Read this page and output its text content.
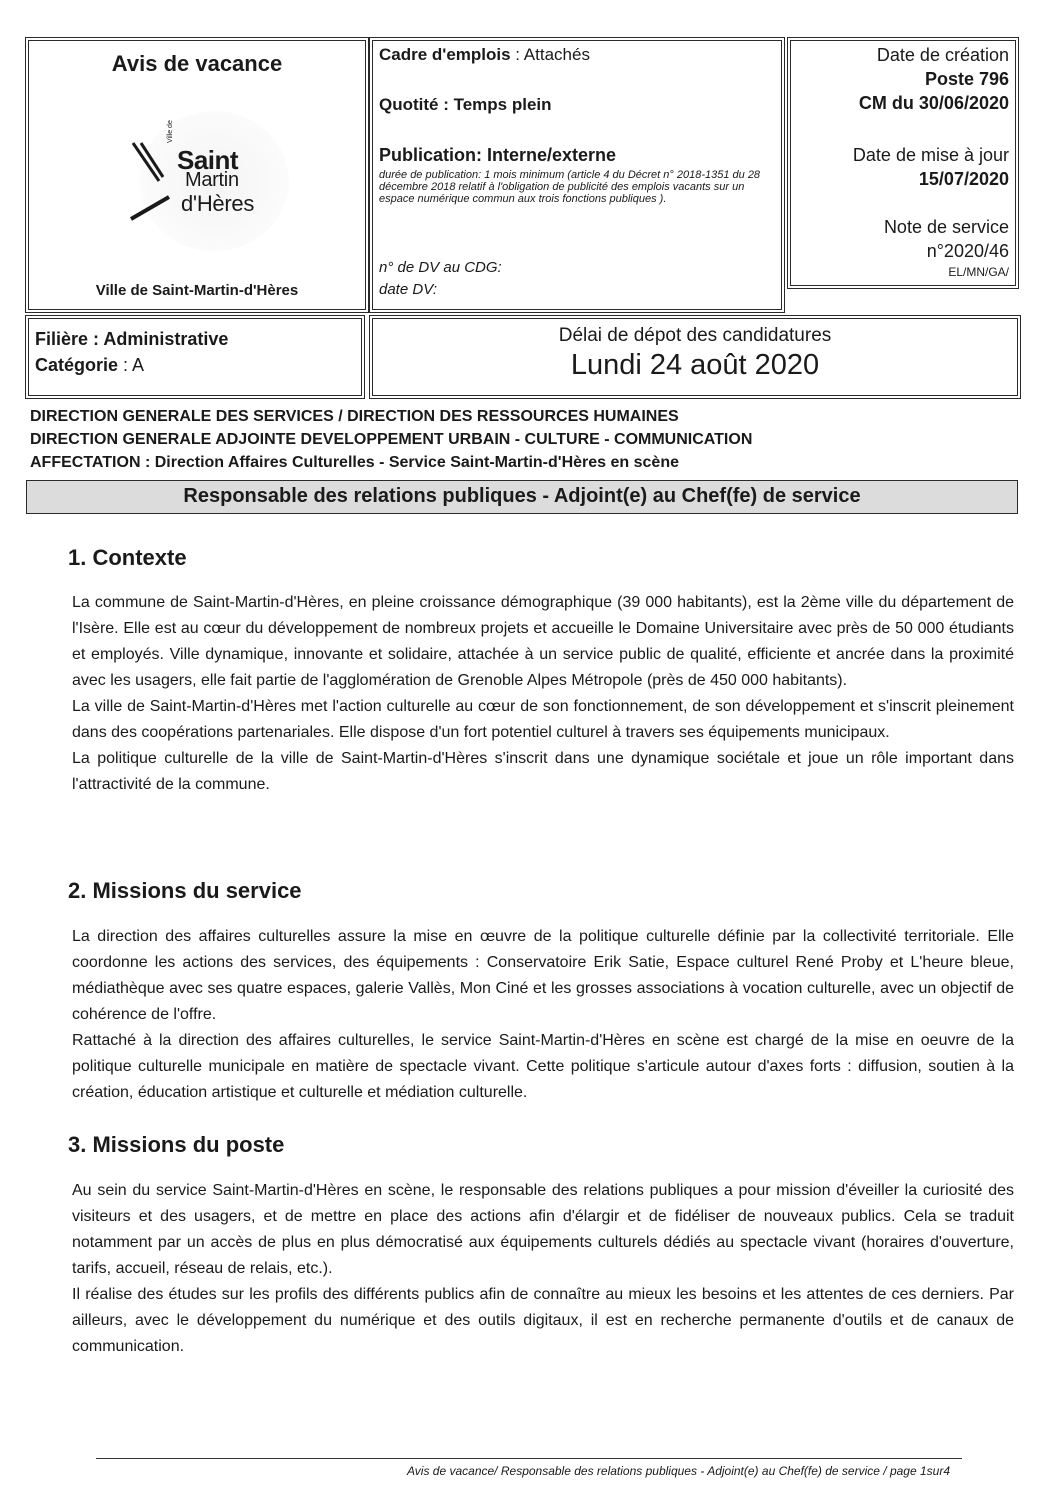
Avis de vacance
Ville de
Saint
Martin
d'Hères
Ville de Saint-Martin-d'Hères
Cadre d'emplois : Attachés
Quotité : Temps plein
Publication: Interne/externe
durée de publication: 1 mois minimum (article 4 du Décret n° 2018-1351 du 28 décembre 2018 relatif à l'obligation de publicité des emplois vacants sur un espace numérique commun aux trois fonctions publiques ).
n° de DV au CDG:
date DV:
Date de création
Poste 796
CM du 30/06/2020
Date de mise à jour
15/07/2020
Note de service
n°2020/46
EL/MN/GA/
Filière : Administrative
Catégorie : A
Délai de dépot des candidatures
Lundi 24 août 2020
DIRECTION GENERALE DES SERVICES / DIRECTION DES RESSOURCES HUMAINES
DIRECTION GENERALE ADJOINTE DEVELOPPEMENT URBAIN - CULTURE - COMMUNICATION
AFFECTATION : Direction Affaires Culturelles - Service Saint-Martin-d'Hères en scène
Responsable des relations publiques - Adjoint(e) au Chef(fe) de service
1. Contexte

La commune de Saint-Martin-d'Hères, en pleine croissance démographique (39 000 habitants), est la 2ème ville du département de l'Isère. Elle est au cœur du développement de nombreux projets et accueille le Domaine Universitaire avec près de 50 000 étudiants et employés. Ville dynamique, innovante et solidaire, attachée à un service public de qualité, efficiente et ancrée dans la proximité avec les usagers, elle fait partie de l'agglomération de Grenoble Alpes Métropole (près de 450 000 habitants).

La ville de Saint-Martin-d'Hères met l'action culturelle au cœur de son fonctionnement, de son développement et s'inscrit pleinement dans des coopérations partenariales. Elle dispose d'un fort potentiel culturel à travers ses équipements municipaux.

La politique culturelle de la ville de Saint-Martin-d'Hères s'inscrit dans une dynamique sociétale et joue un rôle important dans l'attractivité de la commune.

2. Missions du service

La direction des affaires culturelles assure la mise en œuvre de la politique culturelle définie par la collectivité territoriale. Elle coordonne les actions des services, des équipements : Conservatoire Erik Satie, Espace culturel René Proby et L'heure bleue, médiathèque avec ses quatre espaces, galerie Vallès, Mon Ciné et les grosses associations à vocation culturelle, avec un objectif de cohérence de l'offre.

Rattaché à la direction des affaires culturelles, le service Saint-Martin-d'Hères en scène est chargé de la mise en oeuvre de la politique culturelle municipale en matière de spectacle vivant. Cette politique s'articule autour d'axes forts : diffusion, soutien à la création, éducation artistique et culturelle et médiation culturelle.

3. Missions du poste

Au sein du service Saint-Martin-d'Hères en scène, le responsable des relations publiques a pour mission d'éveiller la curiosité des visiteurs et des usagers, et de mettre en place des actions afin d'élargir et de fidéliser de nouveaux publics. Cela se traduit notamment par un accès de plus en plus démocratisé aux équipements culturels dédiés au spectacle vivant (horaires d'ouverture, tarifs, accueil, réseau de relais, etc.).

Il réalise des études sur les profils des différents publics afin de connaître au mieux les besoins et les attentes de ces derniers. Par ailleurs, avec le développement du numérique et des outils digitaux, il est en recherche permanente d'outils et de canaux de communication.

Avis de vacance/ Responsable des relations publiques - Adjoint(e) au Chef(fe) de service / page 1sur4
